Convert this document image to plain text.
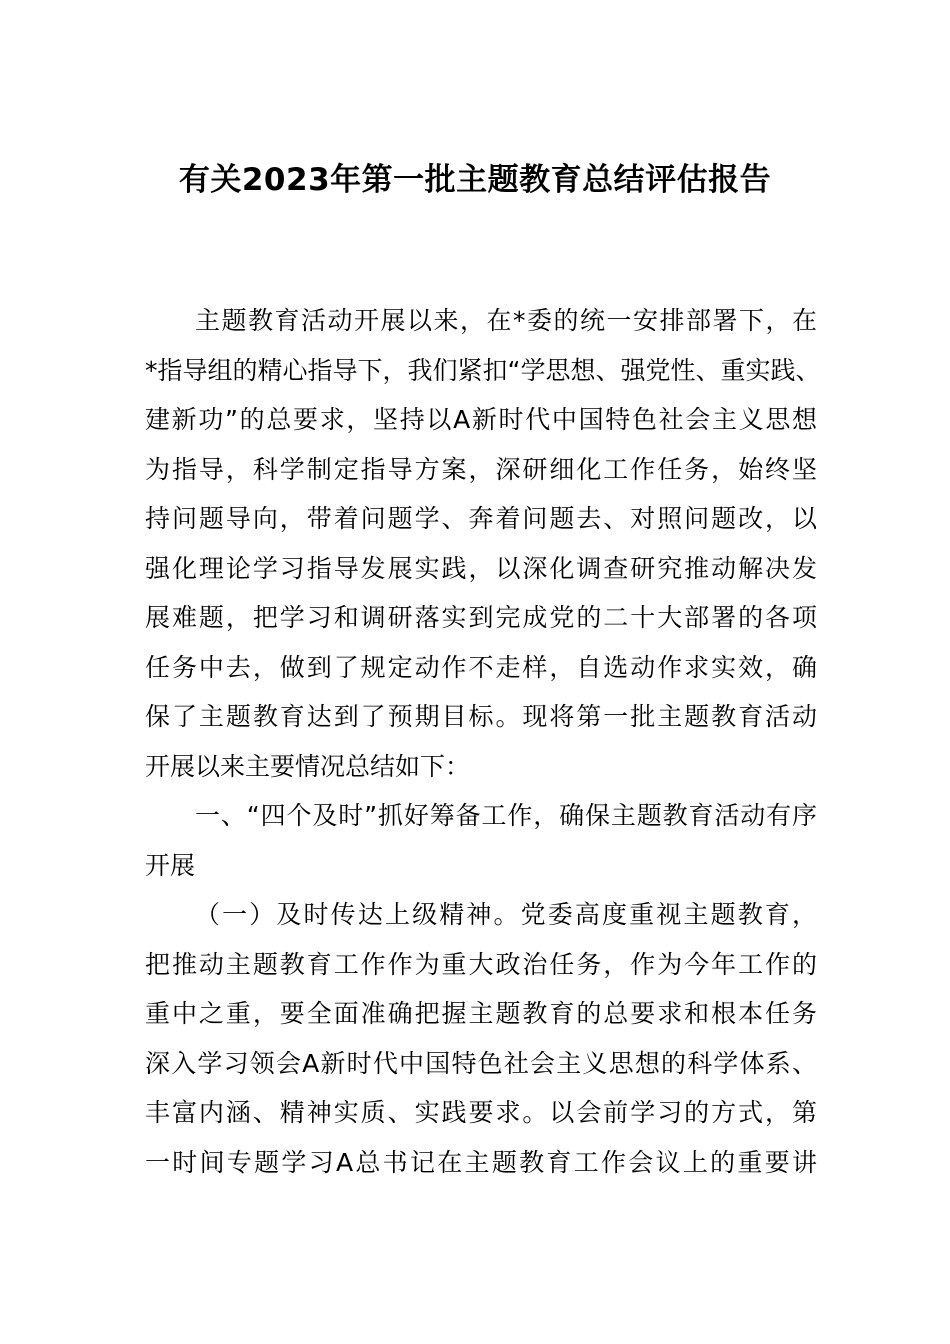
有关2023年第一批主题教育总结评估报告
主题教育活动开展以来，在*委的统一安排部署下，在
*指导组的精心指导下，我们紧扣“学思想、强党性、重实践、
建新功”的总要求，坚持以A新时代中国特色社会主义思想
为指导，科学制定指导方案，深研细化工作任务，始终坚
持问题导向，带着问题学、奔着问题去、对照问题改，以
强化理论学习指导发展实践，以深化调查研究推动解决发
展难题，把学习和调研落实到完成党的二十大部署的各项
任务中去，做到了规定动作不走样，自选动作求实效，确
保了主题教育达到了预期目标。现将第一批主题教育活动
开展以来主要情况总结如下：
一、“四个及时”抓好筹备工作，确保主题教育活动有序
开展
（一）及时传达上级精神。党委高度重视主题教育，
把推动主题教育工作作为重大政治任务，作为今年工作的
重中之重，要全面准确把握主题教育的总要求和根本任务
深入学习领会A新时代中国特色社会主义思想的科学体系、
丰富内涵、精神实质、实践要求。以会前学习的方式，第
一时间专题学习A总书记在主题教育工作会议上的重要讲
